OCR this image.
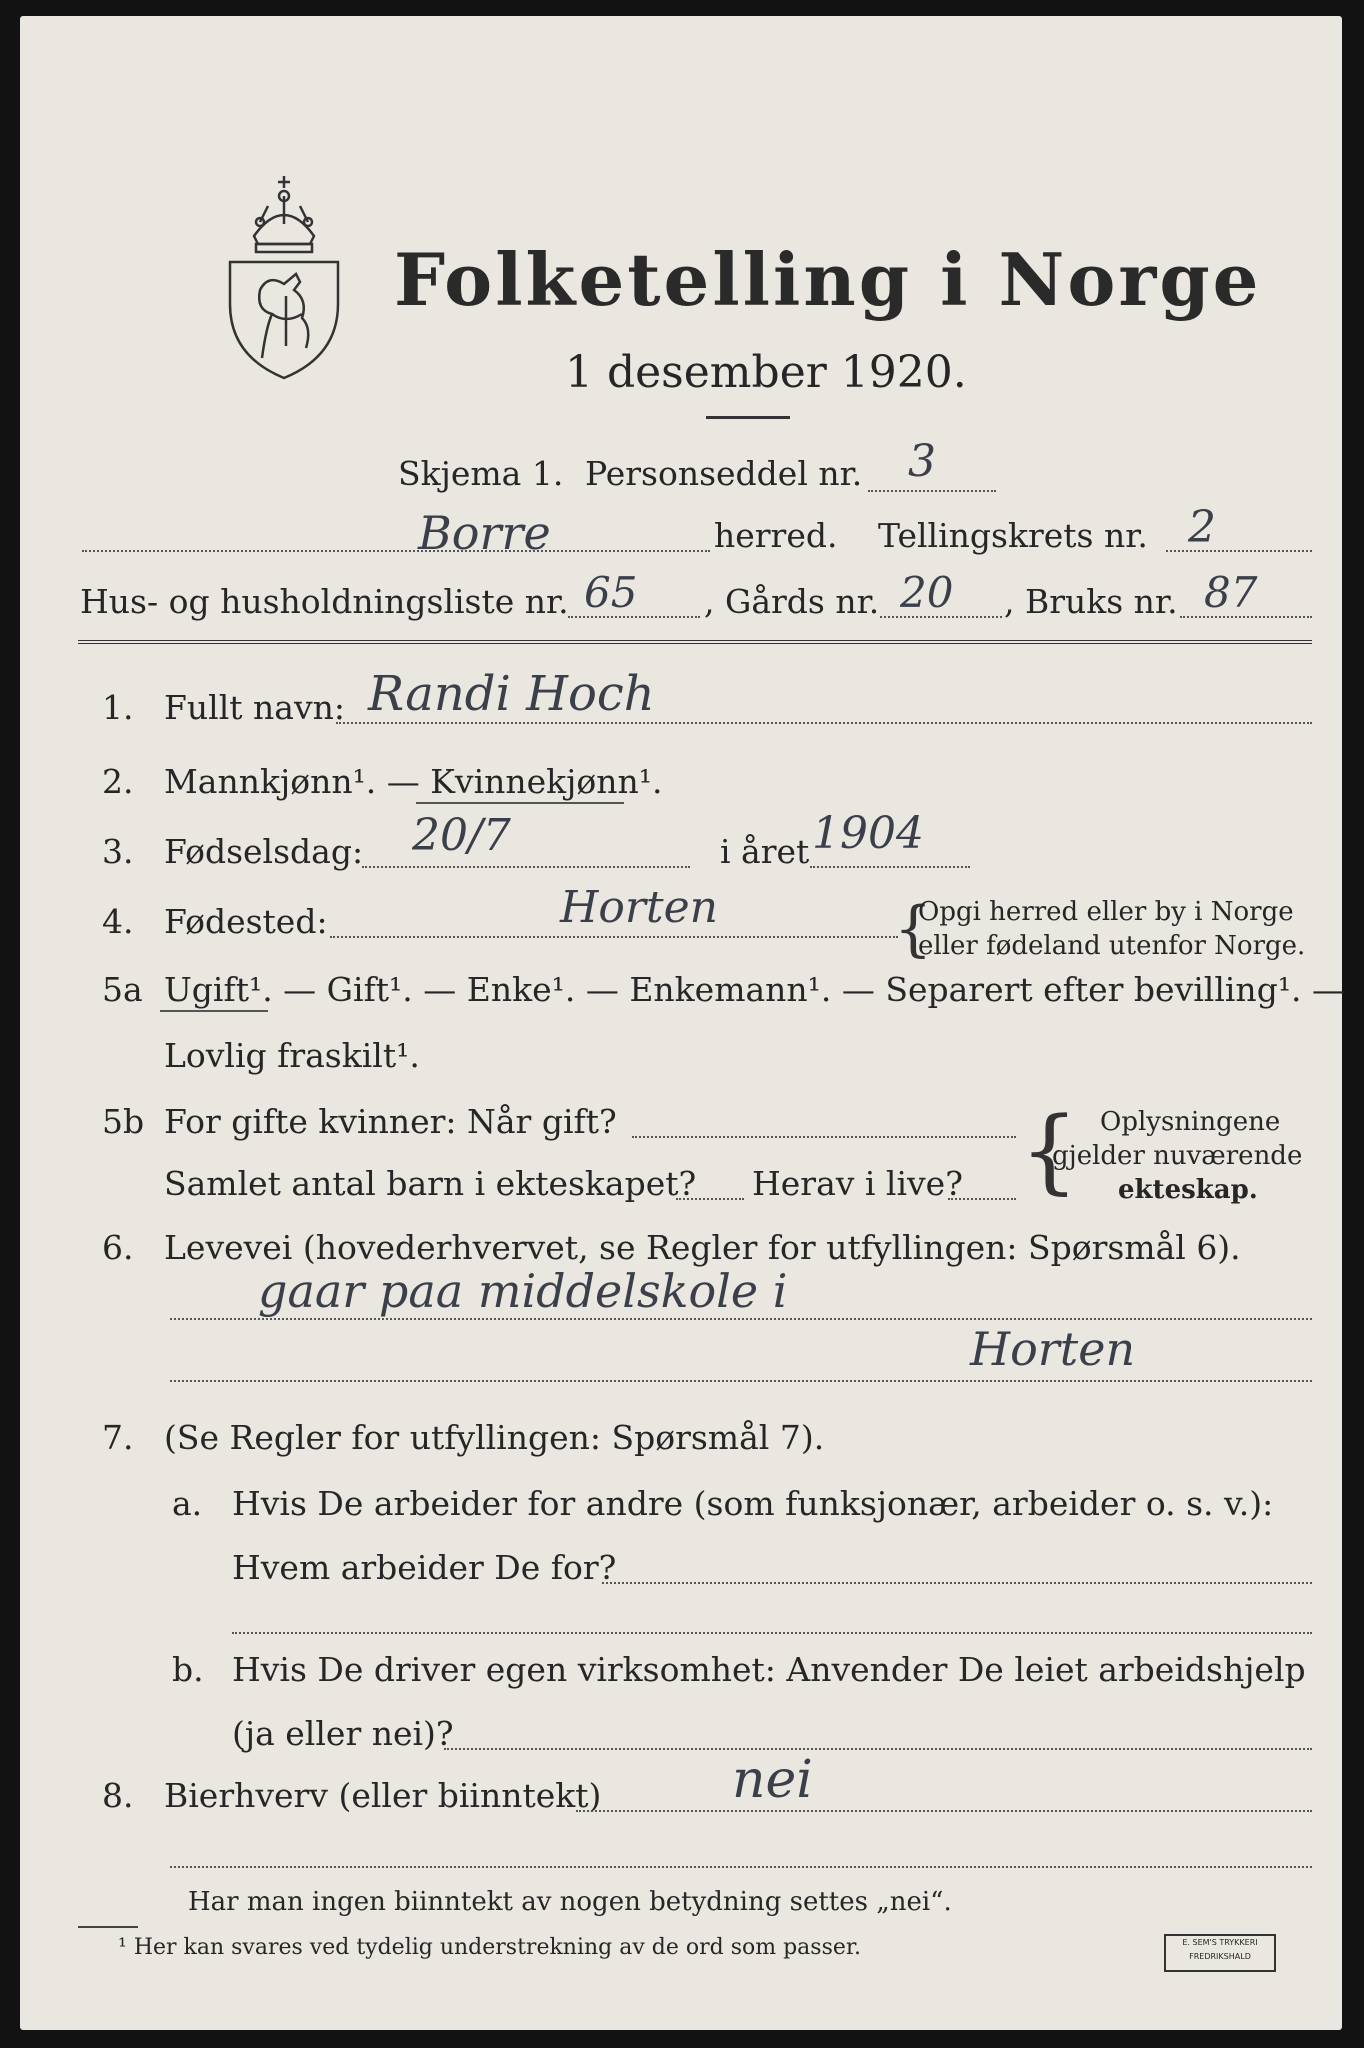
Folketelling i Norge
1 desember 1920.
Skjema 1. Personseddel nr. 3
Borre	herred. Tellingskrets nr. 2
Hus- og husholdningsliste nr. 65 , Gårds nr. 20 , Bruks nr. 87
1. Fullt navn: Randi Hoch
2. Mannkjønn¹. — Kvinnekjønn¹.
3. Fødselsdag: 20/7	i året 1904
4. Fødested:	Horten	{
Opgi herred eller by i Norge
eller fødeland utenfor Norge.
5a Ugift¹. — Gift¹. — Enke¹. — Enkemann¹. — Separert efter bevilling¹. —
Lovlig fraskilt¹.
5b For gifte kvinner: Når gift?
Samlet antal barn i ekteskapet? Herav i live? { Oplysningene
gjelder nuværende
ekteskap.
6. Levevei (hovederhvervet, se Regler for utfyllingen: Spørsmål 6).
gaar paa middelskole i
Horten
7. (Se Regler for utfyllingen: Spørsmål 7).
a. Hvis De arbeider for andre (som funksjonær, arbeider o. s. v.):
Hvem arbeider De for?
b. Hvis De driver egen virksomhet: Anvender De leiet arbeidshjelp
(ja eller nei)?
8. Bierhverv (eller biinntekt)	nei
Har man ingen biinntekt av nogen betydning settes „nei“.
¹ Her kan svares ved tydelig understrekning av de ord som passer.	E. SEM'S TRYKKERI
FREDRIKSHALD
